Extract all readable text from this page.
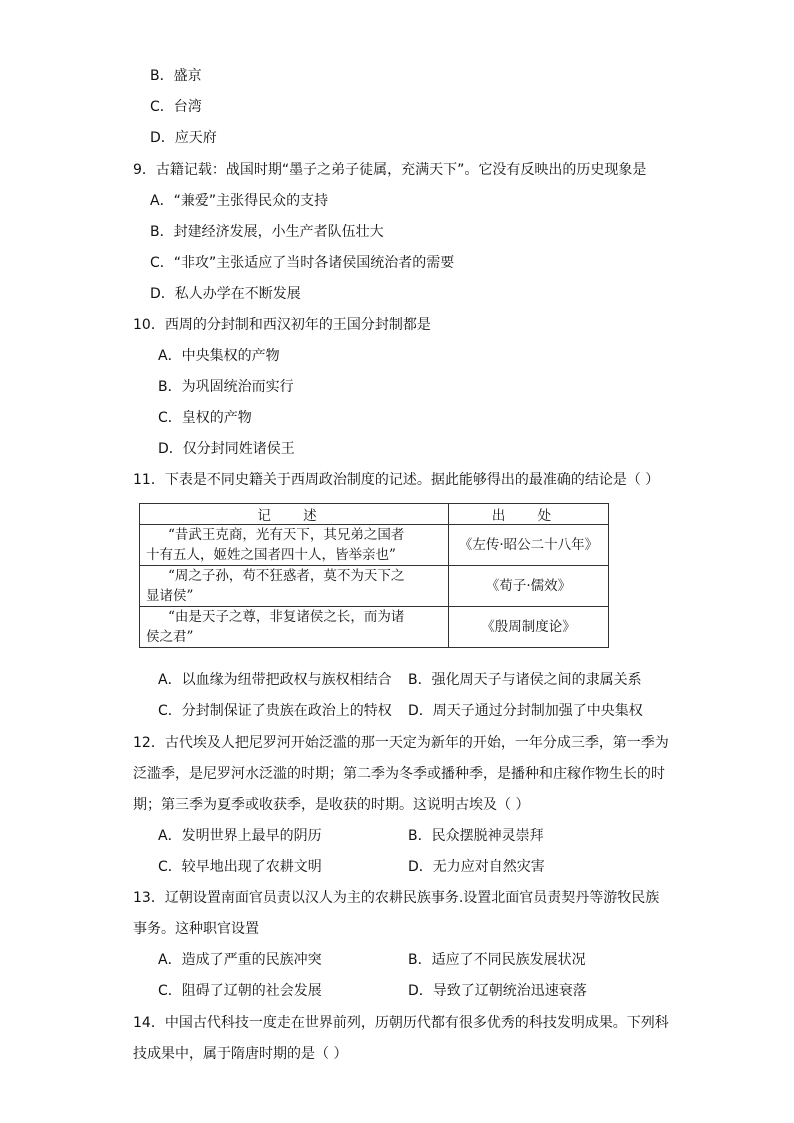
B．盛京
C．台湾
D．应天府
9．古籍记载：战国时期“墨子之弟子徒属，充满天下”。它没有反映出的历史现象是
A．“兼爱”主张得民众的支持
B．封建经济发展，小生产者队伍壮大
C．“非攻”主张适应了当时各诸侯国统治者的需要
D．私人办学在不断发展
10．西周的分封制和西汉初年的王国分封制都是
A．中央集权的产物
B．为巩固统治而实行
C．皇权的产物
D．仅分封同姓诸侯王
11．下表是不同史籍关于西周政治制度的记述。据此能够得出的最准确的结论是（ ）
记 述	出 处

“昔武王克商，光有天下，其兄弟之国者
十有五人，姬姓之国者四十人，皆举亲也”	《左传·昭公二十八年》

“周之子孙，苟不狂惑者，莫不为天下之
显诸侯”	《荀子·儒效》

“由是天子之尊，非复诸侯之长，而为诸
侯之君”	《殷周制度论》
A．以血缘为纽带把政权与族权相结合 B．强化周天子与诸侯之间的隶属关系
C．分封制保证了贵族在政治上的特权 D．周天子通过分封制加强了中央集权
12．古代埃及人把尼罗河开始泛滥的那一天定为新年的开始，一年分成三季，第一季为
泛滥季，是尼罗河水泛滥的时期；第二季为冬季或播种季，是播种和庄稼作物生长的时
期；第三季为夏季或收获季，是收获的时期。这说明古埃及（ ）
A．发明世界上最早的阴历	B．民众摆脱神灵崇拜
C．较早地出现了农耕文明	D．无力应对自然灾害
13．辽朝设置南面官员责以汉人为主的农耕民族事务.设置北面官员责契丹等游牧民族
事务。这种职官设置
A．造成了严重的民族冲突	B．适应了不同民族发展状况
C．阻碍了辽朝的社会发展	D．导致了辽朝统治迅速衰落
14．中国古代科技一度走在世界前列，历朝历代都有很多优秀的科技发明成果。下列科
技成果中，属于隋唐时期的是（ ）
